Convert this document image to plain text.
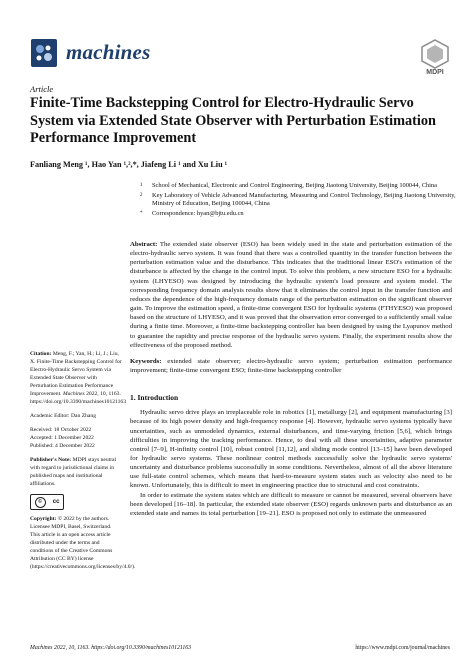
machines
MDPI
Article
Finite-Time Backstepping Control for Electro-Hydraulic Servo System via Extended State Observer with Perturbation Estimation Performance Improvement
Fanliang Meng ¹, Hao Yan ¹,²,*, Jiafeng Li ¹ and Xu Liu ¹
1 School of Mechanical, Electronic and Control Engineering, Beijing Jiaotong University, Beijing 100044, China
2 Key Laboratory of Vehicle Advanced Manufacturing, Measuring and Control Technology, Beijing Jiaotong University, Ministry of Education, Beijing 100044, China
* Correspondence: hyan@bjtu.edu.cn

Abstract: The extended state observer (ESO) has been widely used in the state and perturbation estimation of the electro-hydraulic servo system. It was found that there was a controlled quantity in the transfer function between the perturbation estimation value and the disturbance. This indicates that the traditional linear ESO's estimation of the disturbance is affected by the change in the control input. To solve this problem, a new structure ESO for a hydraulic system (LHYESO) was designed by introducing the hydraulic system's load pressure and system model. The corresponding frequency domain analysis results show that it eliminates the control input in the transfer function and reduces the dependence of the high-frequency domain range of the perturbation estimation on the significant observer gain. To improve the estimation speed, a finite-time convergent ESO for hydraulic systems (FTHYESO) was proposed based on the structure of LHYESO, and it was proved that the observation error converged to a sufficiently small value during a finite time. Moreover, a finite-time backstepping controller has been designed by using the Lyapunov method to guarantee the rapidity and precise response of the hydraulic servo system. Finally, the experiment results show the effectiveness of the proposed method.

Keywords: extended state observer; electro-hydraulic servo system; perturbation estimation performance improvement; finite-time convergent ESO; finite-time backstepping controller

1. Introduction

Hydraulic servo drive plays an irreplaceable role in robotics [1], metallurgy [2], and equipment manufacturing [3] because of its high power density and high-frequency response [4]. However, hydraulic servo systems typically have uncertainties, such as unmodeled dynamics, external disturbances, and time-varying friction [5,6], which brings difficulties in improving the tracking performance. Hence, to deal with all these uncertainties, adaptive parameter control [7–9], H-infinity control [10], robust control [11,12], and sliding mode control [13–15] have been developed for hydraulic servo systems. These nonlinear control methods successfully solve the hydraulic servo systems' uncertainty and disturbance problems successfully in some conditions. Nevertheless, almost of all the above literature use full-state control schemes, which means that hard-to-measure system states such as velocity also need to be known. Unfortunately, this is difficult to meet in engineering practice due to structural and cost constraints.

In order to estimate the system states which are difficult to measure or cannot be measured, several observers have been developed [16–18]. In particular, the extended state observer (ESO) regards unknown parts and disturbance as an extended state and names its total perturbation [19–21]. ESO is proposed not only to estimate the unmeasured

Citation: Meng, F.; Yan, H.; Li, J.; Liu, X. Finite-Time Backstepping Control for Electro-Hydraulic Servo System via Extended State Observer with Perturbation Estimation Performance Improvement. Machines 2022, 10, 1163. https://doi.org/10.3390/machines10121163

Academic Editor: Dan Zhang

Received: 18 October 2022

Accepted: 1 December 2022

Published: 4 December 2022

Publisher's Note: MDPI stays neutral with regard to jurisdictional claims in published maps and institutional affiliations.
©	cc
Copyright: © 2022 by the authors. Licensee MDPI, Basel, Switzerland. This article is an open access article distributed under the terms and conditions of the Creative Commons Attribution (CC BY) license (https://creativecommons.org/licenses/by/4.0/).
Machines 2022, 10, 1163. https://doi.org/10.3390/machines10121163	https://www.mdpi.com/journal/machines
